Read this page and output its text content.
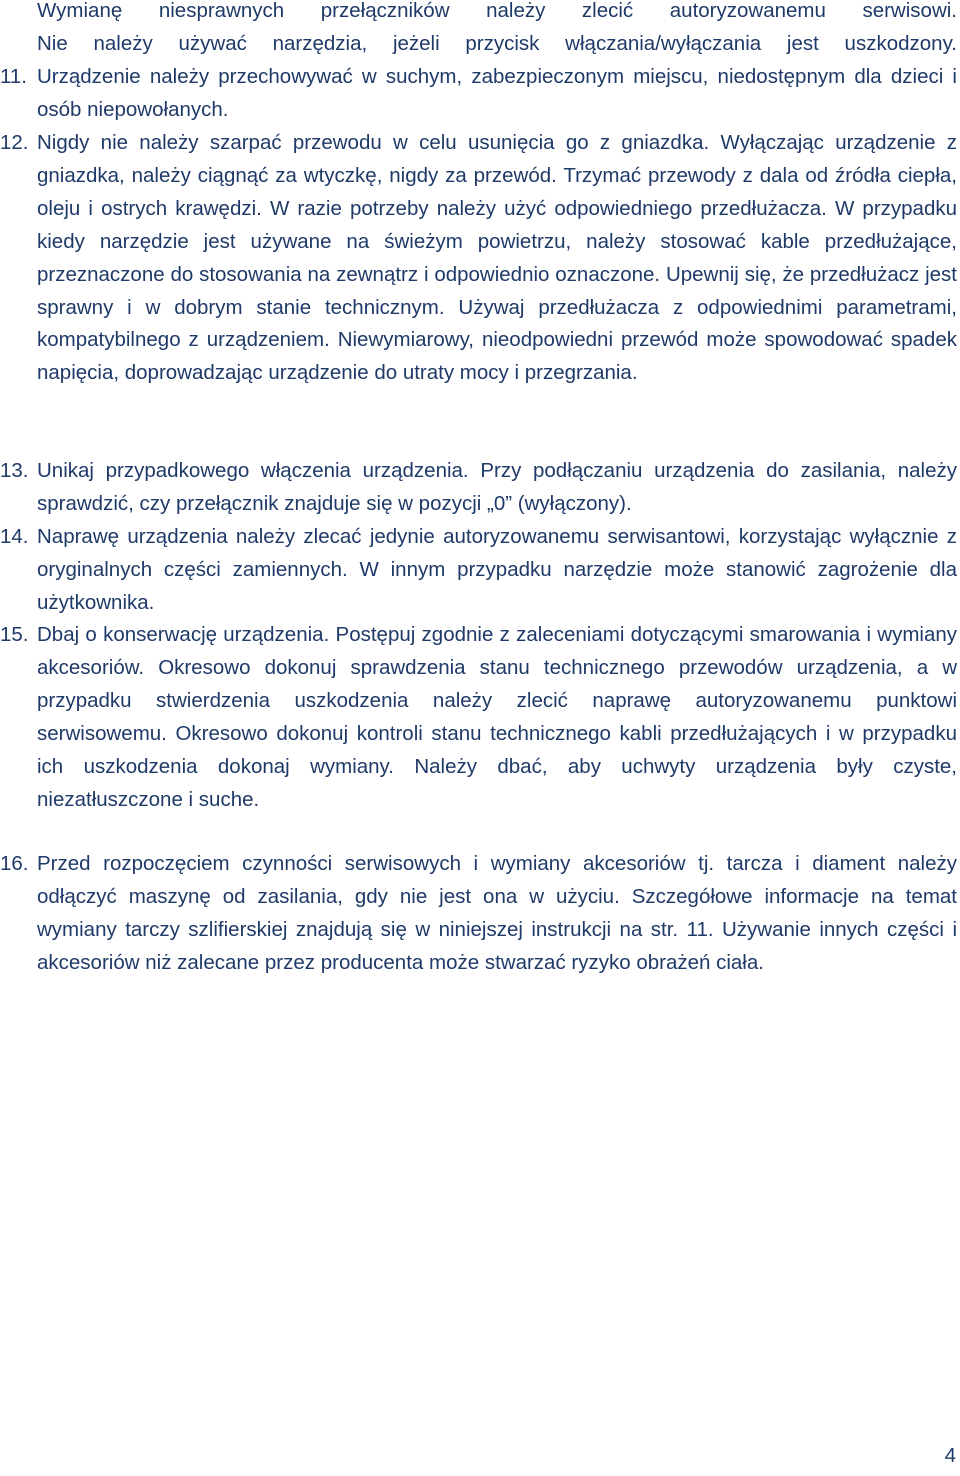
Wymianę niesprawnych przełączników należy zlecić autoryzowanemu serwisowi.
Nie należy używać narzędzia, jeżeli przycisk włączania/wyłączania jest uszkodzony.
11. Urządzenie należy przechowywać w suchym, zabezpieczonym miejscu, niedostępnym dla dzieci i osób niepowołanych.
12. Nigdy nie należy szarpać przewodu w celu usunięcia go z gniazdka. Wyłączając urządzenie z gniazdka, należy ciągnąć za wtyczkę, nigdy za przewód. Trzymać przewody z dala od źródła ciepła, oleju i ostrych krawędzi. W razie potrzeby należy użyć odpowiedniego przedłużacza. W przypadku kiedy narzędzie jest używane na świeżym powietrzu, należy stosować kable przedłużające, przeznaczone do stosowania na zewnątrz i odpowiednio oznaczone. Upewnij się, że przedłużacz jest sprawny i w dobrym stanie technicznym. Używaj przedłużacza z odpowiednimi parametrami, kompatybilnego z urządzeniem. Niewymiarowy, nieodpowiedni przewód może spowodować spadek napięcia, doprowadzając urządzenie do utraty mocy i przegrzania.
13. Unikaj przypadkowego włączenia urządzenia. Przy podłączaniu urządzenia do zasilania, należy sprawdzić, czy przełącznik znajduje się w pozycji „0” (wyłączony).
14. Naprawę urządzenia należy zlecać jedynie autoryzowanemu serwisantowi, korzystając wyłącznie z oryginalnych części zamiennych. W innym przypadku narzędzie może stanowić zagrożenie dla użytkownika.
15. Dbaj o konserwację urządzenia. Postępuj zgodnie z zaleceniami dotyczącymi smarowania i wymiany akcesoriów. Okresowo dokonuj sprawdzenia stanu technicznego przewodów urządzenia, a w przypadku stwierdzenia uszkodzenia należy zlecić naprawę autoryzowanemu punktowi serwisowemu. Okresowo dokonuj kontroli stanu technicznego kabli przedłużających i w przypadku ich uszkodzenia dokonaj wymiany. Należy dbać, aby uchwyty urządzenia były czyste, niezatłuszczone i suche.
16. Przed rozpoczęciem czynności serwisowych i wymiany akcesoriów tj. tarcza i diament należy odłączyć maszynę od zasilania, gdy nie jest ona w użyciu. Szczegółowe informacje na temat wymiany tarczy szlifierskiej znajdują się w niniejszej instrukcji na str. 11. Używanie innych części i akcesoriów niż zalecane przez producenta może stwarzać ryzyko obrażeń ciała.
4
